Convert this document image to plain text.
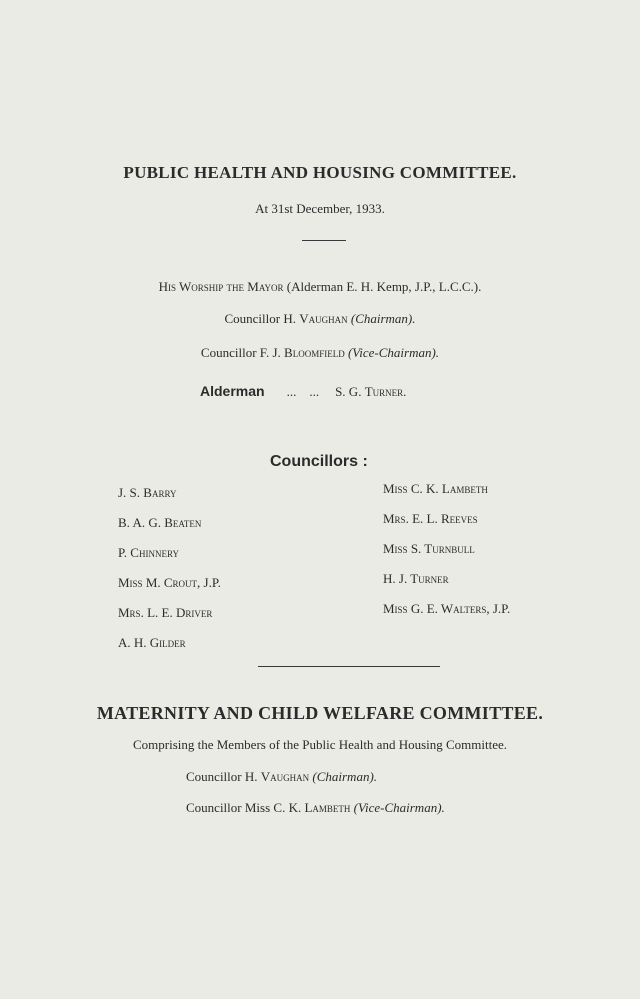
PUBLIC HEALTH AND HOUSING COMMITTEE.
At 31st December, 1933.
His Worship the Mayor (Alderman E. H. Kemp, J.P., L.C.C.).
Councillor H. Vaughan (Chairman).
Councillor F. J. Bloomfield (Vice-Chairman).
Alderman ...    ... S. G. Turner.
Councillors :
J. S. Barry
B. A. G. Beaten
P. Chinnery
Miss M. Crout, J.P.
Mrs. L. E. Driver
A. H. Gilder
Miss C. K. Lambeth
Mrs. E. L. Reeves
Miss S. Turnbull
H. J. Turner
Miss G. E. Walters, J.P.
MATERNITY AND CHILD WELFARE COMMITTEE.
Comprising the Members of the Public Health and Housing Committee.
Councillor H. Vaughan (Chairman).
Councillor Miss C. K. Lambeth (Vice-Chairman).
